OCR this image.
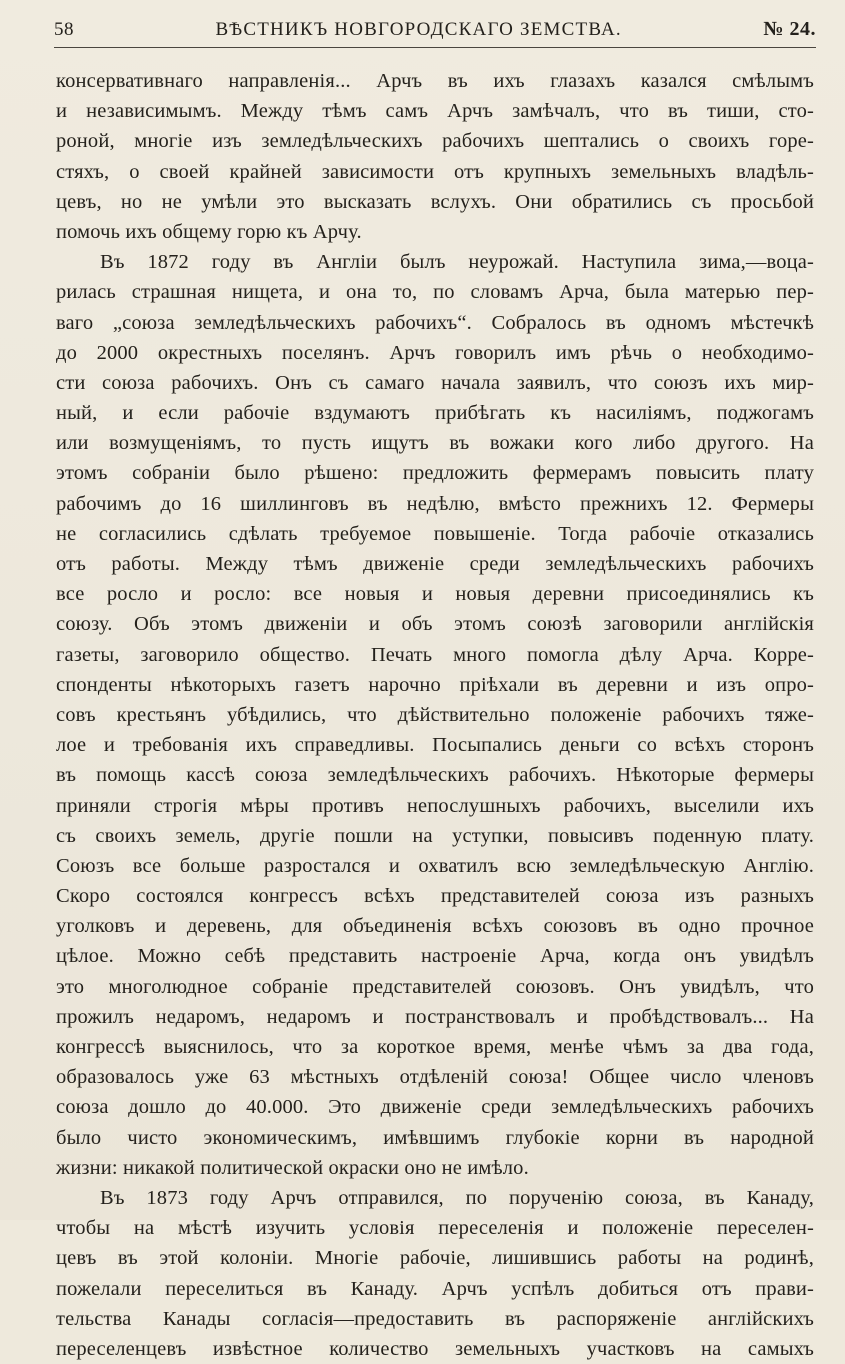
58	ВѢСТНИКЪ НОВГОРОДСКАГО ЗЕМСТВА.	№ 24.
консервативнаго направленія... Арчъ въ ихъ глазахъ казался смѣлымъ
и независимымъ. Между тѣмъ самъ Арчъ замѣчалъ, что въ тиши, сто-
роной, многіе изъ земледѣльческихъ рабочихъ шептались о своихъ горе-
стяхъ, о своей крайней зависимости отъ крупныхъ земельныхъ владѣль-
цевъ, но не умѣли это высказать вслухъ. Они обратились съ просьбой
помочь ихъ общему горю къ Арчу.
Въ 1872 году въ Англіи былъ неурожай. Наступила зима,—воца-
рилась страшная нищета, и она то, по словамъ Арча, была матерью пер-
ваго „союза земледѣльческихъ рабочихъ“. Собралось въ одномъ мѣстечкѣ
до 2000 окрестныхъ поселянъ. Арчъ говорилъ имъ рѣчь о необходимо-
сти союза рабочихъ. Онъ съ самаго начала заявилъ, что союзъ ихъ мир-
ный, и если рабочіе вздумаютъ прибѣгать къ насиліямъ, поджогамъ
или возмущеніямъ, то пусть ищутъ въ вожаки кого либо другого. На
этомъ собраніи было рѣшено: предложить фермерамъ повысить плату
рабочимъ до 16 шиллинговъ въ недѣлю, вмѣсто прежнихъ 12. Фермеры
не согласились сдѣлать требуемое повышеніе. Тогда рабочіе отказались
отъ работы. Между тѣмъ движеніе среди земледѣльческихъ рабочихъ
все росло и росло: все новыя и новыя деревни присоединялись къ
союзу. Объ этомъ движеніи и объ этомъ союзѣ заговорили англійскія
газеты, заговорило общество. Печать много помогла дѣлу Арча. Корре-
спонденты нѣкоторыхъ газетъ нарочно пріѣхали въ деревни и изъ опро-
совъ крестьянъ убѣдились, что дѣйствительно положеніе рабочихъ тяже-
лое и требованія ихъ справедливы. Посыпались деньги со всѣхъ сторонъ
въ помощь кассѣ союза земледѣльческихъ рабочихъ. Нѣкоторые фермеры
приняли строгія мѣры противъ непослушныхъ рабочихъ, выселили ихъ
съ своихъ земель, другіе пошли на уступки, повысивъ поденную плату.
Союзъ все больше разростался и охватилъ всю земледѣльческую Англію.
Скоро состоялся конгрессъ всѣхъ представителей союза изъ разныхъ
уголковъ и деревень, для объединенія всѣхъ союзовъ въ одно прочное
цѣлое. Можно себѣ представить настроеніе Арча, когда онъ увидѣлъ
это многолюдное собраніе представителей союзовъ. Онъ увидѣлъ, что
прожилъ недаромъ, недаромъ и постранствовалъ и пробѣдствовалъ... На
конгрессѣ выяснилось, что за короткое время, менѣе чѣмъ за два года,
образовалось уже 63 мѣстныхъ отдѣленій союза! Общее число членовъ
союза дошло до 40.000. Это движеніе среди земледѣльческихъ рабочихъ
было чисто экономическимъ, имѣвшимъ глубокіе корни въ народной
жизни: никакой политической окраски оно не имѣло.
Въ 1873 году Арчъ отправился, по порученію союза, въ Канаду,
чтобы на мѣстѣ изучить условія переселенія и положеніе переселен-
цевъ въ этой колоніи. Многіе рабочіе, лишившись работы на родинѣ,
пожелали переселиться въ Канаду. Арчъ успѣлъ добиться отъ прави-
тельства Канады согласія—предоставить въ распоряженіе англійскихъ
переселенцевъ извѣстное количество земельныхъ участковъ на самыхъ
